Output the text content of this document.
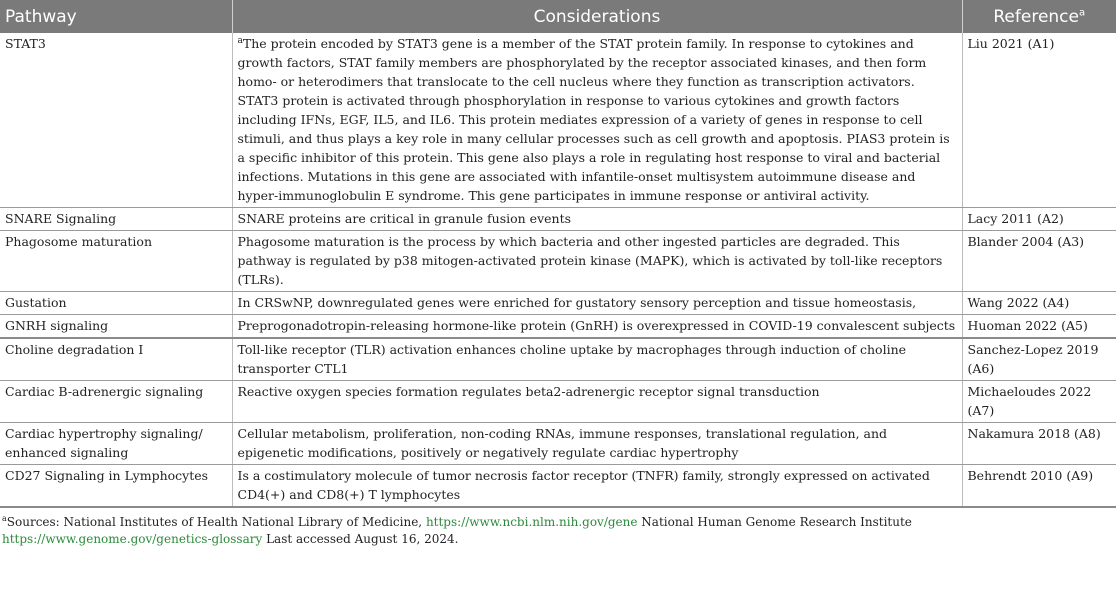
Pathway	Considerations	Reference$^a$
STAT3	$^a$The protein encoded by STAT3 gene is a member of the STAT protein family. In response to cytokines and growth factors, STAT family members are phosphorylated by the receptor associated kinases, and then form homo- or heterodimers that translocate to the cell nucleus where they function as transcription activators. STAT3 protein is activated through phosphorylation in response to various cytokines and growth factors including IFNs, EGF, IL5, and IL6. This protein mediates expression of a variety of genes in response to cell stimuli, and thus plays a key role in many cellular processes such as cell growth and apoptosis. PIAS3 protein is a specific inhibitor of this protein. This gene also plays a role in regulating host response to viral and bacterial infections. Mutations in this gene are associated with infantile-onset multisystem autoimmune disease and hyper-immunoglobulin E syndrome. This gene participates in immune response or antiviral activity.	Liu 2021 (A1)
SNARE Signaling	SNARE proteins are critical in granule fusion events	Lacy 2011 (A2)
Phagosome maturation	Phagosome maturation is the process by which bacteria and other ingested particles are degraded. This pathway is regulated by p38 mitogen-activated protein kinase (MAPK), which is activated by toll-like receptors (TLRs).	Blander 2004 (A3)
Gustation	In CRSwNP, downregulated genes were enriched for gustatory sensory perception and tissue homeostasis,	Wang 2022 (A4)
GNRH signaling	Preprogonadotropin-releasing hormone-like protein (GnRH) is overexpressed in COVID-19 convalescent subjects	Huoman 2022 (A5)
Choline degradation I	Toll-like receptor (TLR) activation enhances choline uptake by macrophages through induction of choline transporter CTL1	Sanchez-Lopez 2019 (A6)
Cardiac B-adrenergic signaling	Reactive oxygen species formation regulates beta2-adrenergic receptor signal transduction	Michaeloudes 2022 (A7)
Cardiac hypertrophy signaling/ enhanced signaling	Cellular metabolism, proliferation, non-coding RNAs, immune responses, translational regulation, and epigenetic modifications, positively or negatively regulate cardiac hypertrophy	Nakamura 2018 (A8)
CD27 Signaling in Lymphocytes	Is a costimulatory molecule of tumor necrosis factor receptor (TNFR) family, strongly expressed on activated CD4(+) and CD8(+) T lymphocytes	Behrendt 2010 (A9)
$^a$Sources: National Institutes of Health National Library of Medicine, https://www.ncbi.nlm.nih.gov/gene National Human Genome Research Institute https://www.genome.gov/genetics-glossary Last accessed August 16, 2024.
